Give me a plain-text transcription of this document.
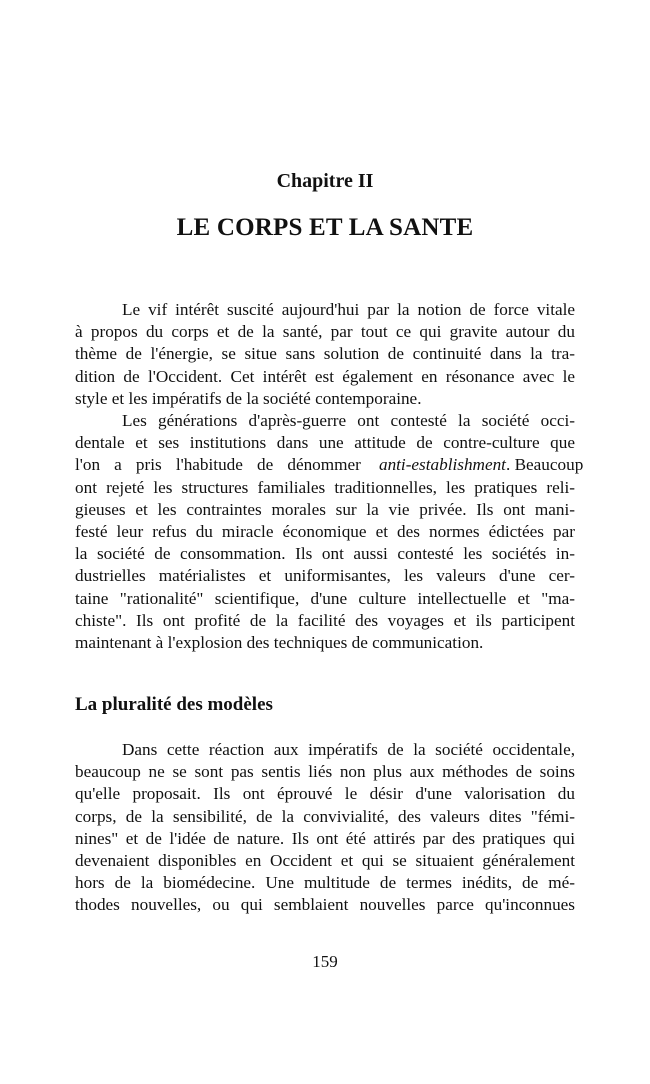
Chapitre II
LE CORPS ET LA SANTE
Le vif intérêt suscité aujourd'hui par la notion de force vitale
à propos du corps et de la santé, par tout ce qui gravite autour du
thème de l'énergie, se situe sans solution de continuité dans la tra-
dition de l'Occident. Cet intérêt est également en résonance avec le
style et les impératifs de la société contemporaine.
Les générations d'après-guerre ont contesté la société occi-
dentale et ses institutions dans une attitude de contre-culture que
l'on a pris l'habitude de dénommer anti-establishment. Beaucoup
ont rejeté les structures familiales traditionnelles, les pratiques reli-
gieuses et les contraintes morales sur la vie privée. Ils ont mani-
festé leur refus du miracle économique et des normes édictées par
la société de consommation. Ils ont aussi contesté les sociétés in-
dustrielles matérialistes et uniformisantes, les valeurs d'une cer-
taine "rationalité" scientifique, d'une culture intellectuelle et "ma-
chiste". Ils ont profité de la facilité des voyages et ils participent
maintenant à l'explosion des techniques de communication.
La pluralité des modèles
Dans cette réaction aux impératifs de la société occidentale,
beaucoup ne se sont pas sentis liés non plus aux méthodes de soins
qu'elle proposait. Ils ont éprouvé le désir d'une valorisation du
corps, de la sensibilité, de la convivialité, des valeurs dites "fémi-
nines" et de l'idée de nature. Ils ont été attirés par des pratiques qui
devenaient disponibles en Occident et qui se situaient généralement
hors de la biomédecine. Une multitude de termes inédits, de mé-
thodes nouvelles, ou qui semblaient nouvelles parce qu'inconnues
159
